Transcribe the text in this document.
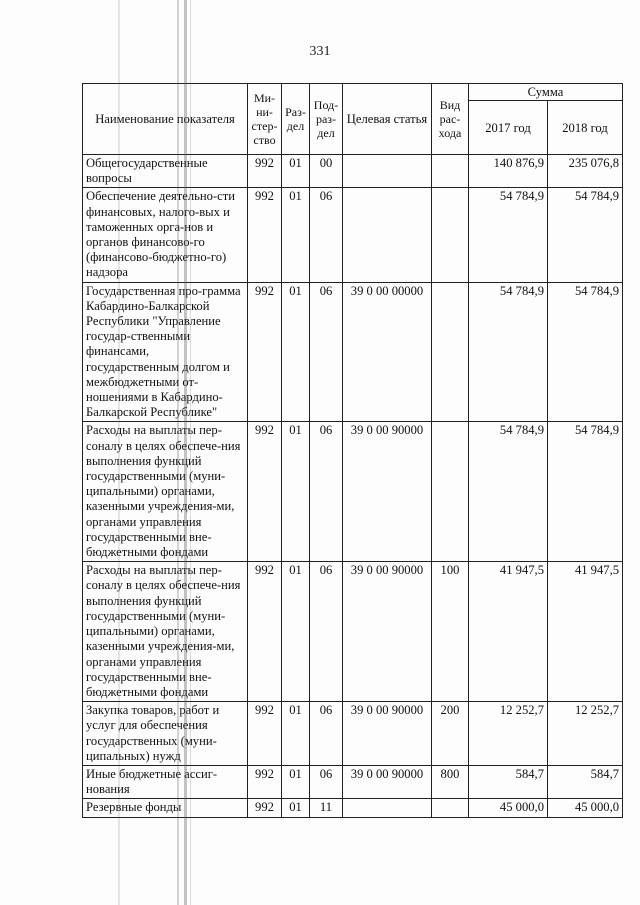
331
Наименование показателя	Ми-ни-стер-ство	Раз-дел	Под-раз-дел	Целевая статья	Вид рас-хода	Сумма	
						2017 год	2018 год
Общегосударственные вопросы	992	01	00			140 876,9	235 076,8
Обеспечение деятельно-сти финансовых, налого-вых и таможенных орга-нов и органов финансово-го (финансово-бюджетно-го) надзора	992	01	06			54 784,9	54 784,9
Государственная про-грамма Кабардино-Балкарской Республики "Управление государ-ственными финансами, государственным долгом и межбюджетными от-ношениями в Кабардино-Балкарской Республике"	992	01	06	39 0 00 00000		54 784,9	54 784,9
Расходы на выплаты пер-соналу в целях обеспече-ния выполнения функций государственными (муни-ципальными) органами, казенными учреждения-ми, органами управления государственными вне-бюджетными фондами	992	01	06	39 0 00 90000		54 784,9	54 784,9
Расходы на выплаты пер-соналу в целях обеспече-ния выполнения функций государственными (муни-ципальными) органами, казенными учреждения-ми, органами управления государственными вне-бюджетными фондами	992	01	06	39 0 00 90000	100	41 947,5	41 947,5
Закупка товаров, работ и услуг для обеспечения государственных (муни-ципальных) нужд	992	01	06	39 0 00 90000	200	12 252,7	12 252,7
Иные бюджетные ассиг-нования	992	01	06	39 0 00 90000	800	584,7	584,7
Резервные фонды	992	01	11			45 000,0	45 000,0
